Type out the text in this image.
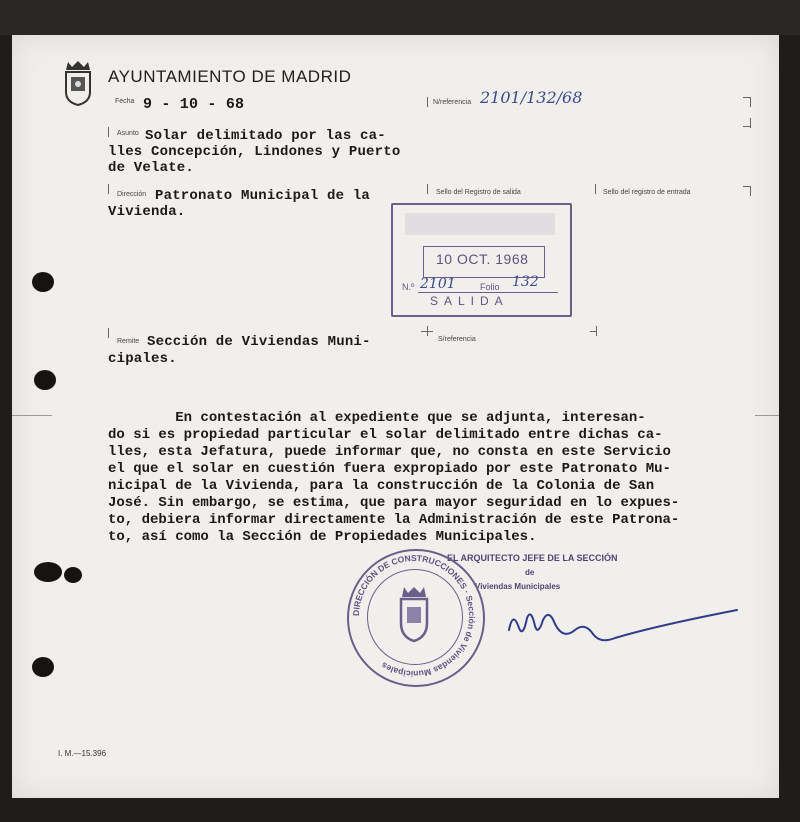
AYUNTAMIENTO DE MADRID
Fecha 9 - 10 - 68	N/referencia 2101/132/68
Asunto Solar delimitado por las ca-
lles Concepción, Lindones y Puerto
de Velate.
Dirección Patronato Municipal de la
Vivienda.
Sello del Registro de salida	Sello del registro de entrada
10 OCT. 1968
N.º 2101	Folio 132
SALIDA
Remite Sección de Viviendas Muni-
cipales.
S/referencia

En contestación al expediente que se adjunta, interesan-

do si es propiedad particular el solar delimitado entre dichas ca-

lles, esta Jefatura, puede informar que, no consta en este Servicio

el que el solar en cuestión fuera expropiado por este Patronato Mu-

nicipal de la Vivienda, para la construcción de la Colonia de San

José. Sin embargo, se estima, que para mayor seguridad en lo expues-

to, debiera informar directamente la Administración de este Patrona-

to, así como la Sección de Propiedades Municipales.

EL ARQUITECTO JEFE DE LA SECCIÓN
de
Viviendas Municipales
DIRECCIÓN DE CONSTRUCCIONES · Sección de Viviendas Municipales
I. M.—15.396
